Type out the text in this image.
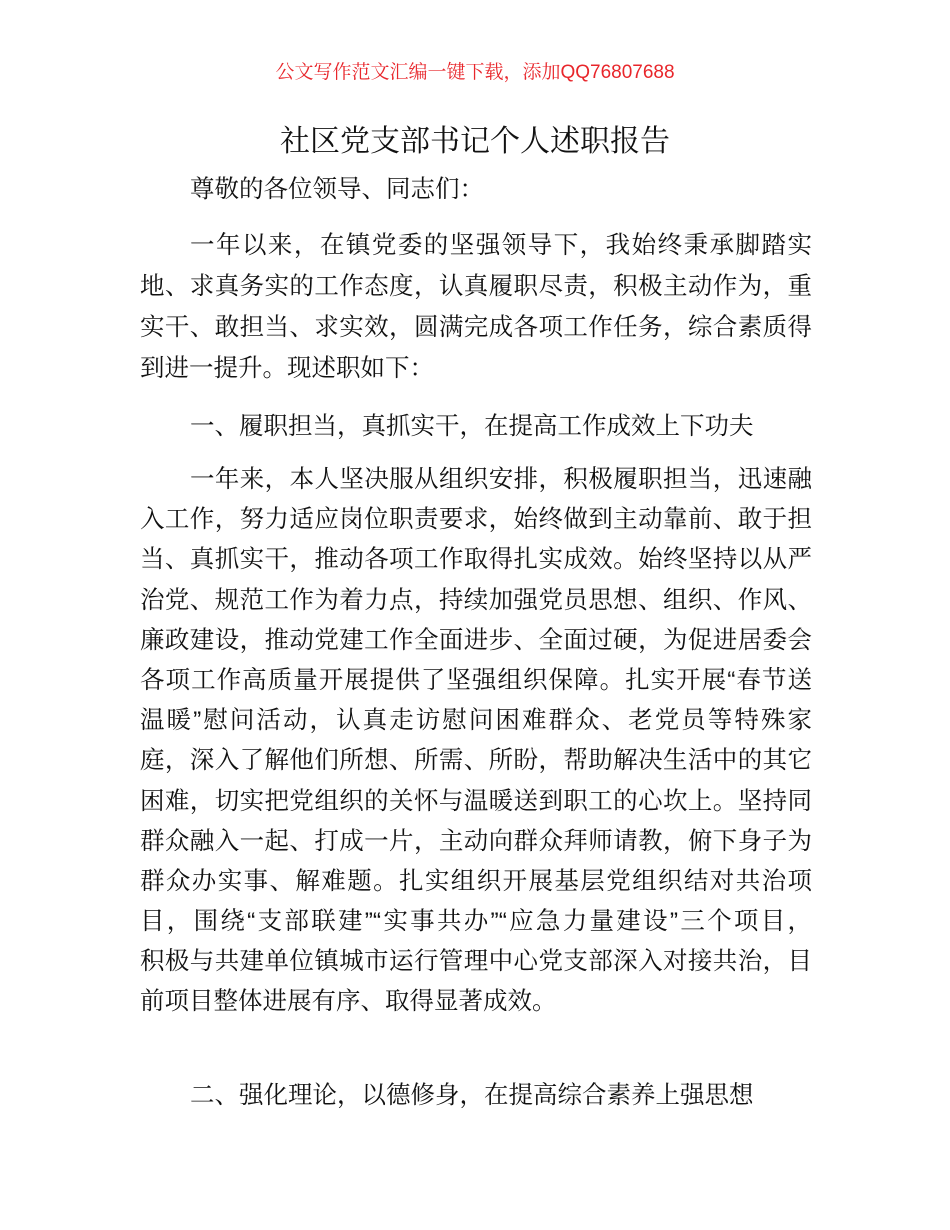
公文写作范文汇编一键下载，添加QQ76807688
社区党支部书记个人述职报告
尊敬的各位领导、同志们：
一年以来，在镇党委的坚强领导下，我始终秉承脚踏实
地、求真务实的工作态度，认真履职尽责，积极主动作为，重
实干、敢担当、求实效，圆满完成各项工作任务，综合素质得
到进一提升。现述职如下：
一、履职担当，真抓实干，在提高工作成效上下功夫
一年来，本人坚决服从组织安排，积极履职担当，迅速融
入工作，努力适应岗位职责要求，始终做到主动靠前、敢于担
当、真抓实干，推动各项工作取得扎实成效。始终坚持以从严
治党、规范工作为着力点，持续加强党员思想、组织、作风、
廉政建设，推动党建工作全面进步、全面过硬，为促进居委会
各项工作高质量开展提供了坚强组织保障。扎实开展“春节送
温暖”慰问活动，认真走访慰问困难群众、老党员等特殊家
庭，深入了解他们所想、所需、所盼，帮助解决生活中的其它
困难，切实把党组织的关怀与温暖送到职工的心坎上。坚持同
群众融入一起、打成一片，主动向群众拜师请教，俯下身子为
群众办实事、解难题。扎实组织开展基层党组织结对共治项
目，围绕“支部联建”“实事共办”“应急力量建设”三个项目，
积极与共建单位镇城市运行管理中心党支部深入对接共治，目
前项目整体进展有序、取得显著成效。
二、强化理论，以德修身，在提高综合素养上强思想
